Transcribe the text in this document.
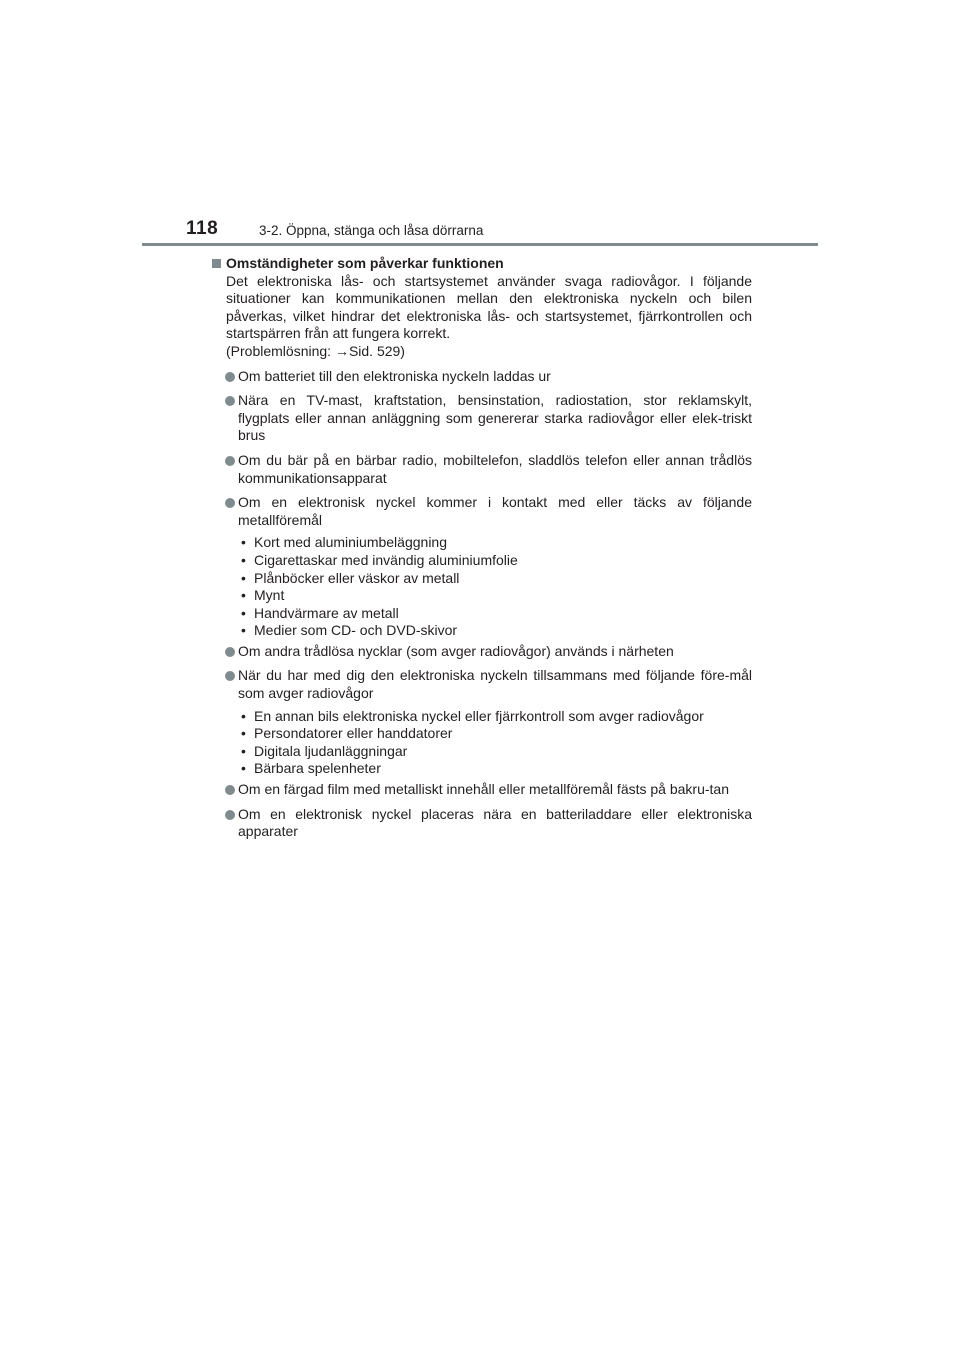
118	3-2. Öppna, stänga och låsa dörrarna
Omständigheter som påverkar funktionen
Det elektroniska lås- och startsystemet använder svaga radiovågor. I följande situationer kan kommunikationen mellan den elektroniska nyckeln och bilen påverkas, vilket hindrar det elektroniska lås- och startsystemet, fjärrkontrollen och startspärren från att fungera korrekt.
(Problemlösning: →Sid. 529)
Om batteriet till den elektroniska nyckeln laddas ur
Nära en TV-mast, kraftstation, bensinstation, radiostation, stor reklamskylt, flygplats eller annan anläggning som genererar starka radiovågor eller elek-triskt brus
Om du bär på en bärbar radio, mobiltelefon, sladdlös telefon eller annan trådlös kommunikationsapparat
Om en elektronisk nyckel kommer i kontakt med eller täcks av följande metallföremål
• Kort med aluminiumbeläggning
• Cigarettaskar med invändig aluminiumfolie
• Plånböcker eller väskor av metall
• Mynt
• Handvärmare av metall
• Medier som CD- och DVD-skivor
Om andra trådlösa nycklar (som avger radiovågor) används i närheten
När du har med dig den elektroniska nyckeln tillsammans med följande före-mål som avger radiovågor
• En annan bils elektroniska nyckel eller fjärrkontroll som avger radiovågor
• Persondatorer eller handdatorer
• Digitala ljudanläggningar
• Bärbara spelenheter
Om en färgad film med metalliskt innehåll eller metallföremål fästs på bakru-tan
Om en elektronisk nyckel placeras nära en batteriladdare eller elektroniska apparater
